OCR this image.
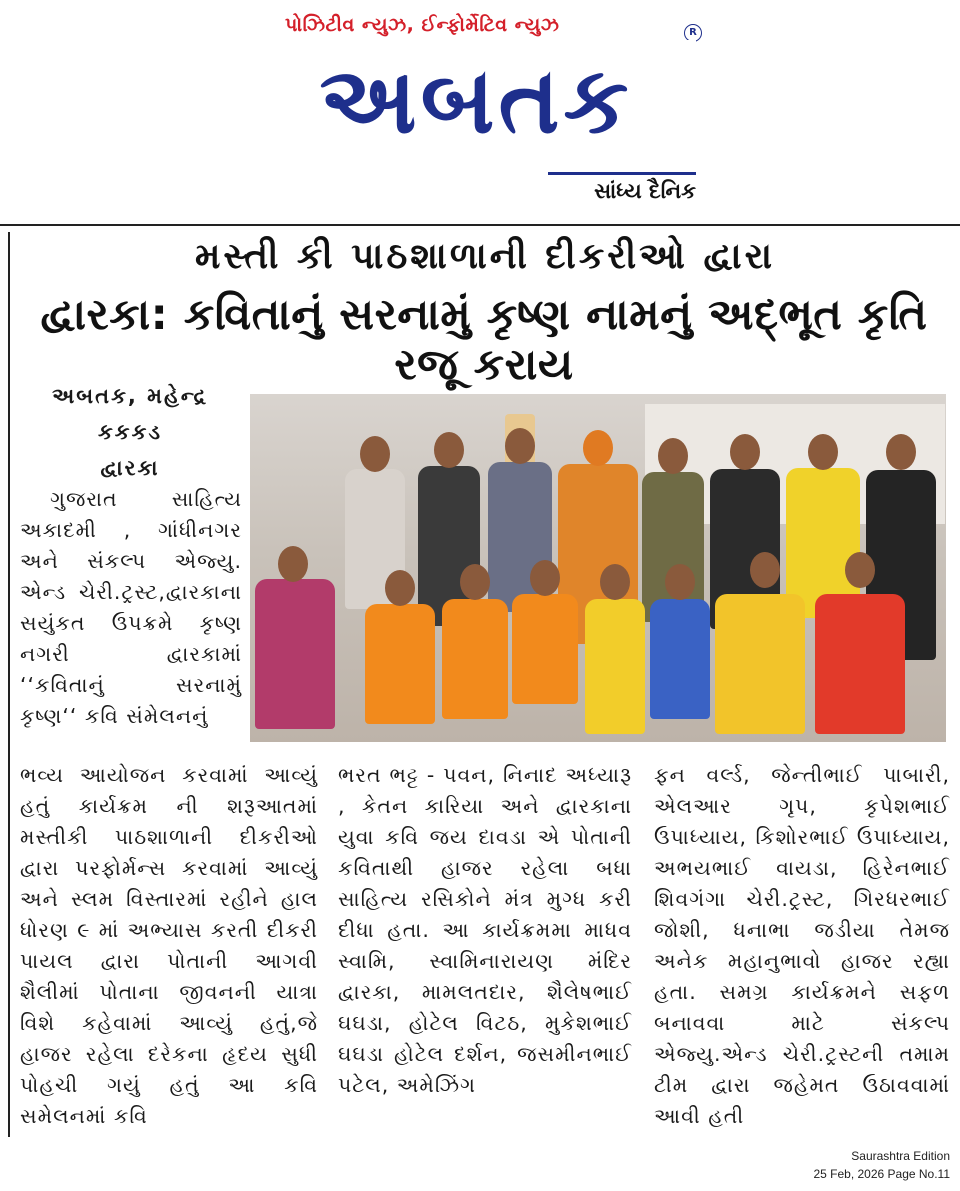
પોઝિટીવ ન્યુઝ, ઈન્ફોર્મેટિવ ન્યુઝ	R
અબતક
સાંધ્ય દૈનિક
મસ્તી કી પાઠશાળાની દીકરીઓ દ્વારા
દ્વારકા: કવિતાનું સરનામું કૃષ્ણ નામનું અદ્ભૂત કૃતિ રજૂ કરાય
અબતક, મહેન્દ્ર
કકકડ
દ્વારકા

ગુજરાત સાહિત્ય અકાદમી , ગાંધીનગર અને સંકલ્પ એજ્યુ. એન્ડ ચેરી.ટ્રસ્ટ,દ્વારકાના સયુંકત ઉપક્રમે કૃષ્ણ નગરી દ્વારકામાં ‘‘કવિતાનું સરનામું કૃષ્ણ‘‘ કવિ સંમેલનનું

ભવ્ય આયોજન કરવામાં આવ્યું હતું કાર્યક્રમ ની શરૂઆતમાં મસ્તીકી પાઠશાળાની દીકરીઓ દ્વારા પરફોર્મન્સ કરવામાં આવ્યું અને સ્લમ વિસ્તારમાં રહીને હાલ ધોરણ ૯ માં અભ્યાસ કરતી દીકરી પાયલ દ્વારા પોતાની આગવી શૈલીમાં પોતાના જીવનની યાત્રા વિશે કહેવામાં આવ્યું હતું,જે હાજર રહેલા દરેકના હૃદય સુધી પોહચી ગયું હતું આ કવિ સમેલનમાં કવિ

ભરત ભટ્ટ - પવન, નિનાદ અધ્યારૂ , કેતન કારિયા અને દ્વારકાના યુવા કવિ જય દાવડા એ પોતાની કવિતાથી હાજર રહેલા બધા સાહિત્ય રસિકોને મંત્ર મુગ્ધ કરી દીધા હતા. આ કાર્યક્રમમા માધવ સ્વામિ, સ્વામિનારાયણ મંદિર દ્વારકા, મામલતદાર, શૈલેષભાઈ ઘઘડા, હોટેલ વિટઠ, મુકેશભાઈ ઘઘડા હોટેલ દર્શન, જસમીનભાઈ પટેલ, અમેઝિંગ

ફન વર્લ્ડ, જેન્તીભાઈ પાબારી, એલઆર ગૃપ, કૃપેશભાઈ ઉપાધ્યાય, કિશોરભાઈ ઉપાધ્યાય, અભયભાઈ વાયડા, હિરેનભાઈ શિવગંગા ચેરી.ટ્રસ્ટ, ગિરધરભાઈ જોશી, ધનાભા જડીયા તેમજ અનેક મહાનુભાવો હાજર રહ્યા હતા. સમગ્ર કાર્યક્રમને સફળ બનાવવા માટે સંકલ્પ એજ્યુ.એન્ડ ચેરી.ટ્રસ્ટની તમામ ટીમ દ્વારા જહેમત ઉઠાવવામાં આવી હતી

Saurashtra Edition
25 Feb, 2026 Page No.11
